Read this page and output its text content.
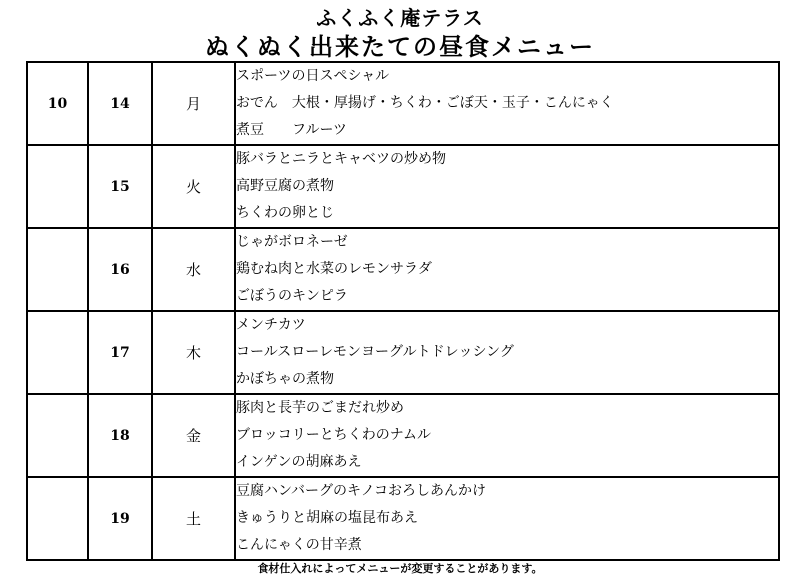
ふくふく庵テラス
ぬくぬく出来たての昼食メニュー
10	14	月	スポーツの日スペシャル
おでん　大根・厚揚げ・ちくわ・ごぼ天・玉子・こんにゃく
煮豆　　フルーツ

	15	火	豚バラとニラとキャベツの炒め物
高野豆腐の煮物
ちくわの卵とじ

	16	水	じゃがボロネーゼ
鶏むね肉と水菜のレモンサラダ
ごぼうのキンピラ

	17	木	メンチカツ
コールスローレモンヨーグルトドレッシング
かぼちゃの煮物

	18	金	豚肉と長芋のごまだれ炒め
ブロッコリーとちくわのナムル
インゲンの胡麻あえ

	19	土	豆腐ハンバーグのキノコおろしあんかけ
きゅうりと胡麻の塩昆布あえ
こんにゃくの甘辛煮
食材仕入れによってメニューが変更することがあります。
